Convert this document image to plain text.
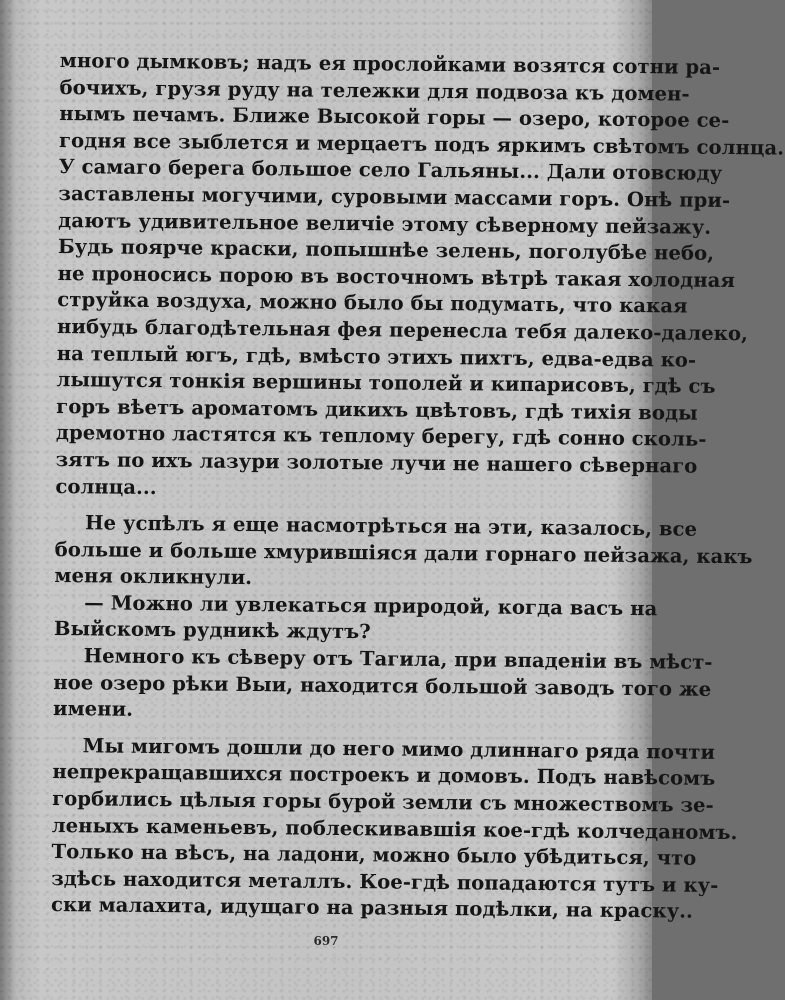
много дымковъ; надъ ея прослойками возятся сотни ра-
бочихъ, грузя руду на тележки для подвоза къ домен-
нымъ печамъ. Ближе Высокой горы — озеро, которое се-
годня все зыблется и мерцаетъ подъ яркимъ свѣтомъ солнца.
У самаго берега большое село Гальяны... Дали отовсюду
заставлены могучими, суровыми массами горъ. Онѣ при-
даютъ удивительное величіе этому сѣверному пейзажу.
Будь поярче краски, попышнѣе зелень, поголубѣе небо,
не проносись порою въ восточномъ вѣтрѣ такая холодная
струйка воздуха, можно было бы подумать, что какая
нибудь благодѣтельная фея перенесла тебя далеко-далеко,
на теплый югъ, гдѣ, вмѣсто этихъ пихтъ, едва-едва ко-
лышутся тонкія вершины тополей и кипарисовъ, гдѣ съ
горъ вѣетъ ароматомъ дикихъ цвѣтовъ, гдѣ тихія воды
дремотно ластятся къ теплому берегу, гдѣ сонно сколь-
зятъ по ихъ лазури золотые лучи не нашего сѣвернаго
солнца...
Не успѣлъ я еще насмотрѣться на эти, казалось, все
больше и больше хмурившіяся дали горнаго пейзажа, какъ
меня окликнули.
— Можно ли увлекаться природой, когда васъ на
Выйскомъ рудникѣ ждутъ?
Немного къ сѣверу отъ Тагила, при впаденіи въ мѣст-
ное озеро рѣки Выи, находится большой заводъ того же
имени.
Мы мигомъ дошли до него мимо длиннаго ряда почти
непрекращавшихся построекъ и домовъ. Подъ навѣсомъ
горбились цѣлыя горы бурой земли съ множествомъ зе-
леныхъ каменьевъ, поблескивавшія кое-гдѣ колчеданомъ.
Только на вѣсъ, на ладони, можно было убѣдиться, что
здѣсь находится металлъ. Кое-гдѣ попадаются тутъ и ку-
ски малахита, идущаго на разныя подѣлки, на краску..
697
